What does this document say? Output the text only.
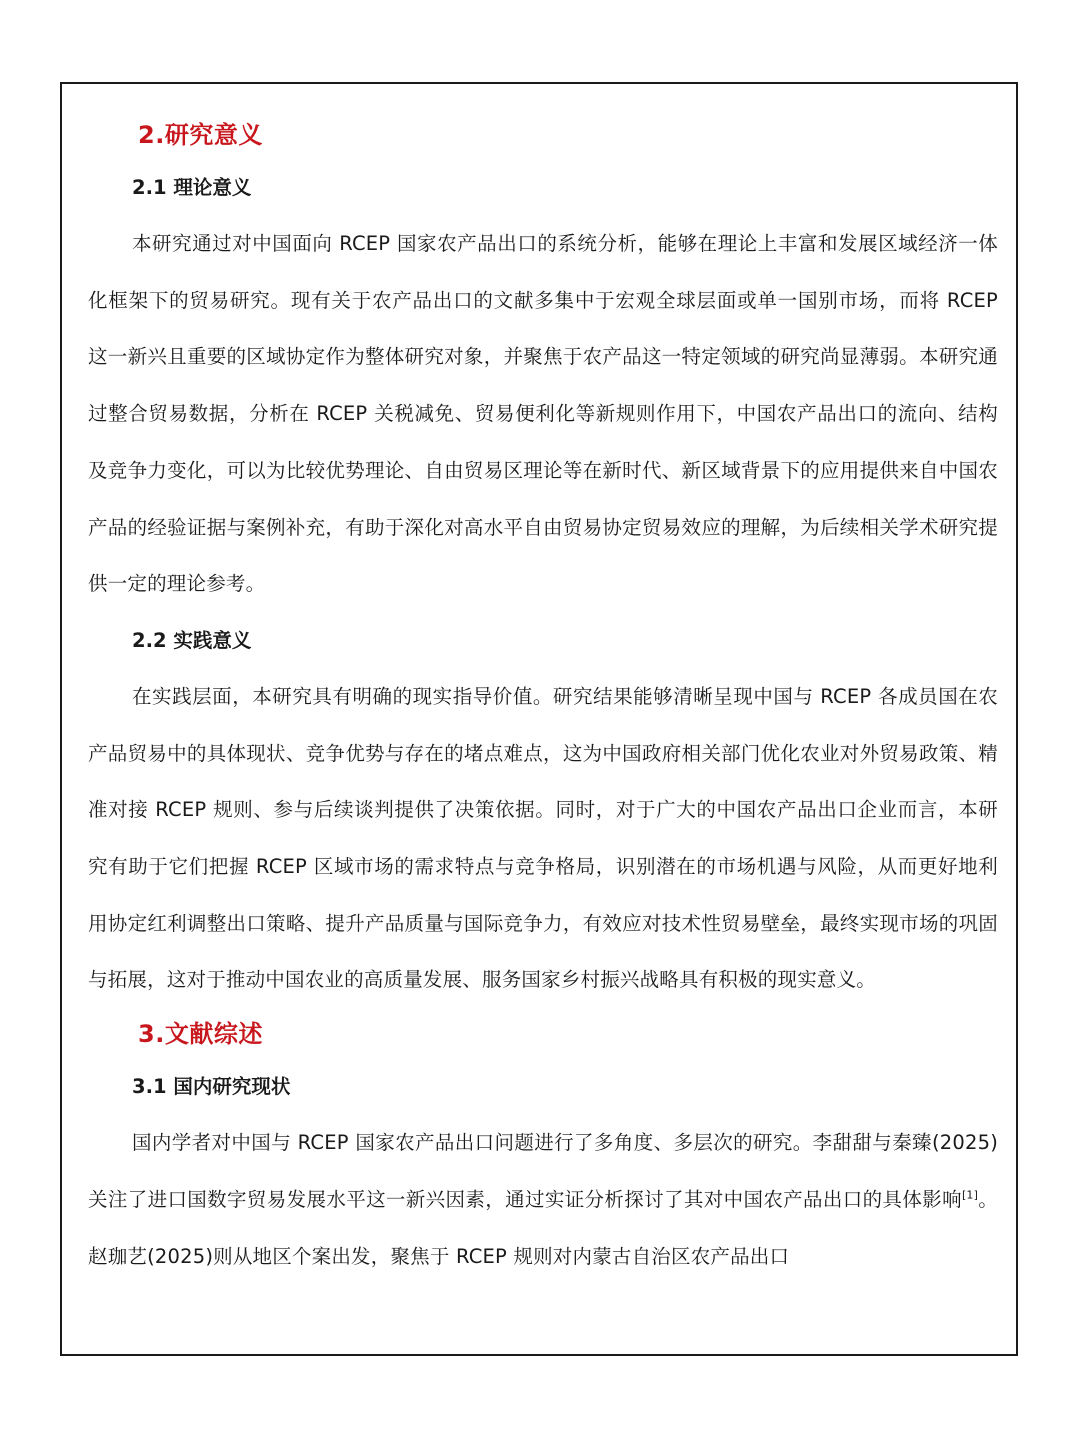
2.研究意义
2.1 理论意义

本研究通过对中国面向 RCEP 国家农产品出口的系统分析，能够在理论上丰富和发展区域经济一体化框架下的贸易研究。现有关于农产品出口的文献多集中于宏观全球层面或单一国别市场，而将 RCEP 这一新兴且重要的区域协定作为整体研究对象，并聚焦于农产品这一特定领域的研究尚显薄弱。本研究通过整合贸易数据，分析在 RCEP 关税减免、贸易便利化等新规则作用下，中国农产品出口的流向、结构及竞争力变化，可以为比较优势理论、自由贸易区理论等在新时代、新区域背景下的应用提供来自中国农产品的经验证据与案例补充，有助于深化对高水平自由贸易协定贸易效应的理解，为后续相关学术研究提供一定的理论参考。

2.2 实践意义

在实践层面，本研究具有明确的现实指导价值。研究结果能够清晰呈现中国与 RCEP 各成员国在农产品贸易中的具体现状、竞争优势与存在的堵点难点，这为中国政府相关部门优化农业对外贸易政策、精准对接 RCEP 规则、参与后续谈判提供了决策依据。同时，对于广大的中国农产品出口企业而言，本研究有助于它们把握 RCEP 区域市场的需求特点与竞争格局，识别潜在的市场机遇与风险，从而更好地利用协定红利调整出口策略、提升产品质量与国际竞争力，有效应对技术性贸易壁垒，最终实现市场的巩固与拓展，这对于推动中国农业的高质量发展、服务国家乡村振兴战略具有积极的现实意义。

3.文献综述
3.1 国内研究现状

国内学者对中国与 RCEP 国家农产品出口问题进行了多角度、多层次的研究。李甜甜与秦臻(2025)关注了进口国数字贸易发展水平这一新兴因素，通过实证分析探讨了其对中国农产品出口的具体影响[1]。赵珈艺(2025)则从地区个案出发，聚焦于 RCEP 规则对内蒙古自治区农产品出口
